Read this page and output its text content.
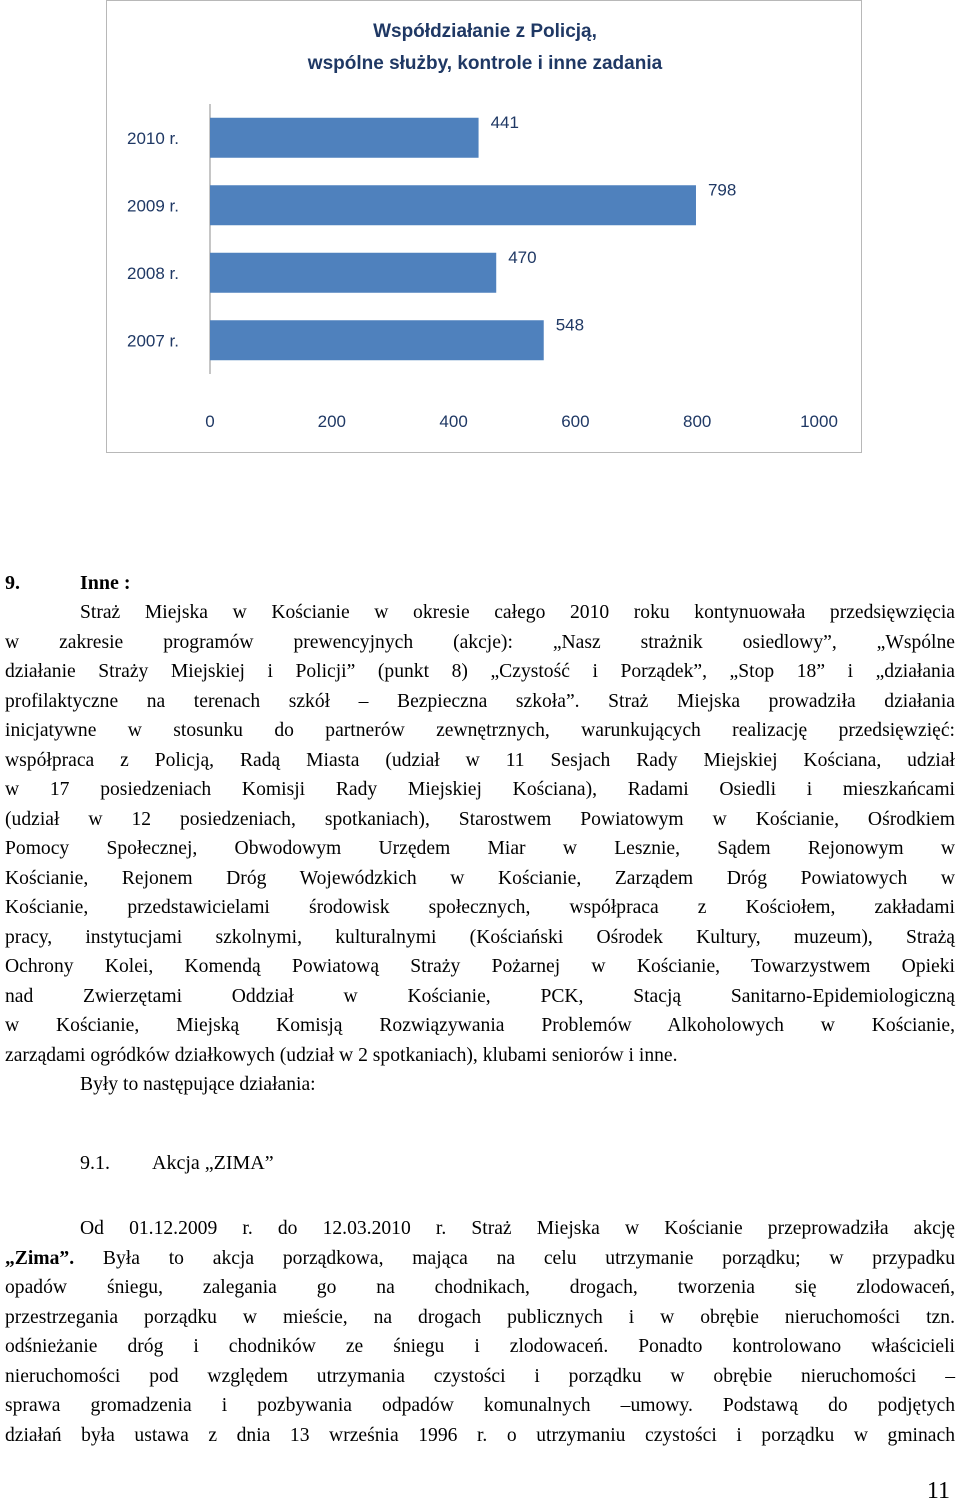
Współdziałanie z Policją,
wspólne służby, kontrole i inne zadania
2010 r.
441
2009 r.
798
2008 r.
470
2007 r.
548
0	200	400	600	800	1000
9.	Inne :
Straż Miejska w Kościanie w okresie całego 2010 roku kontynuowała przedsięwzięcia
w zakresie programów prewencyjnych (akcje): „Nasz strażnik osiedlowy”, „Wspólne
działanie Straży Miejskiej i Policji” (punkt 8) „Czystość i Porządek”, „Stop 18” i „działania
profilaktyczne na terenach szkół – Bezpieczna szkoła”. Straż Miejska prowadziła działania
inicjatywne w stosunku do partnerów zewnętrznych, warunkujących realizację przedsięwzięć:
współpraca z Policją, Radą Miasta (udział w 11 Sesjach Rady Miejskiej Kościana, udział
w 17 posiedzeniach Komisji Rady Miejskiej Kościana), Radami Osiedli i mieszkańcami
(udział w 12 posiedzeniach, spotkaniach), Starostwem Powiatowym w Kościanie, Ośrodkiem
Pomocy Społecznej, Obwodowym Urzędem Miar w Lesznie, Sądem Rejonowym w
Kościanie, Rejonem Dróg Wojewódzkich w Kościanie, Zarządem Dróg Powiatowych w
Kościanie, przedstawicielami środowisk społecznych, współpraca z Kościołem, zakładami
pracy, instytucjami szkolnymi, kulturalnymi (Kościański Ośrodek Kultury, muzeum), Strażą
Ochrony Kolei, Komendą Powiatową Straży Pożarnej w Kościanie, Towarzystwem Opieki
nad Zwierzętami Oddział w Kościanie, PCK, Stacją Sanitarno-Epidemiologiczną
w Kościanie, Miejską Komisją Rozwiązywania Problemów Alkoholowych w Kościanie,
zarządami ogródków działkowych (udział w 2 spotkaniach), klubami seniorów i inne.
Były to następujące działania:
9.1. Akcja „ZIMA”
Od 01.12.2009 r. do 12.03.2010 r. Straż Miejska w Kościanie przeprowadziła akcję
„Zima”. Była to akcja porządkowa, mająca na celu utrzymanie porządku; w przypadku
opadów śniegu, zalegania go na chodnikach, drogach, tworzenia się zlodowaceń,
przestrzegania porządku w mieście, na drogach publicznych i w obrębie nieruchomości tzn.
odśnieżanie dróg i chodników ze śniegu i zlodowaceń. Ponadto kontrolowano właścicieli
nieruchomości pod względem utrzymania czystości i porządku w obrębie nieruchomości –
sprawa gromadzenia i pozbywania odpadów komunalnych –umowy. Podstawą do podjętych
działań była ustawa z dnia 13 września 1996 r. o utrzymaniu czystości i porządku w gminach
11
